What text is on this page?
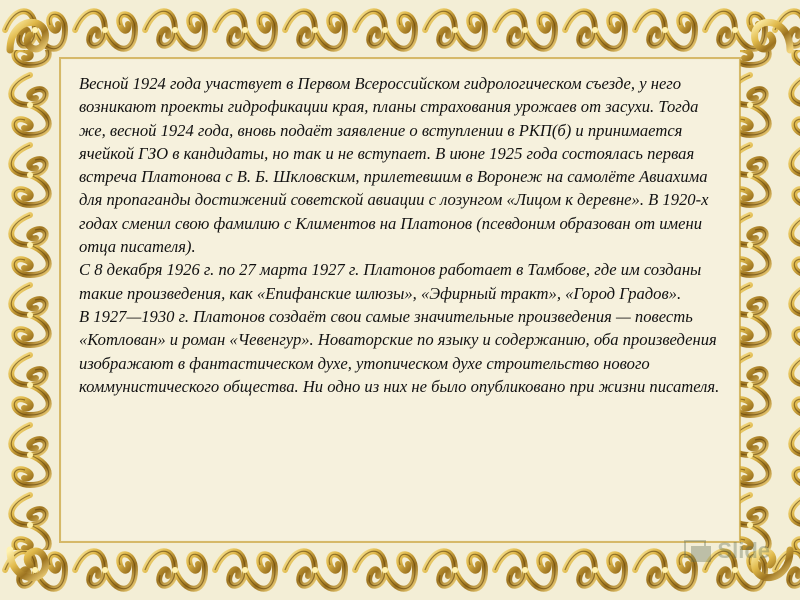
Весной 1924 года участвует в Первом Всероссийском гидрологическом съезде, у него возникают проекты гидрофикации края, планы страхования урожаев от засухи. Тогда же, весной 1924 года, вновь подаёт заявление о вступлении в РКП(б) и принимается ячейкой ГЗО в кандидаты, но так и не вступает. В июне 1925 года состоялась первая встреча Платонова с В. Б. Шкловским, прилетевшим в Воронеж на самолёте Авиахима для пропаганды достижений советской авиации с лозунгом «Лицом к деревне». В 1920-х годах сменил свою фамилию с Климентов на Платонов (псевдоним образован от имени отца писателя).

С 8 декабря 1926 г. по 27 марта 1927 г. Платонов работает в Тамбове, где им созданы такие произведения, как «Епифанские шлюзы», «Эфирный тракт», «Город Градов».

В 1927—1930 г. Платонов создаёт свои самые значительные произведения — повесть «Котлован» и роман «Чевенгур». Новаторские по языку и содержанию, оба произведения изображают в фантастическом духе, утопическом духе строительство нового коммунистического общества. Ни одно из них не было опубликовано при жизни писателя.

Slide
